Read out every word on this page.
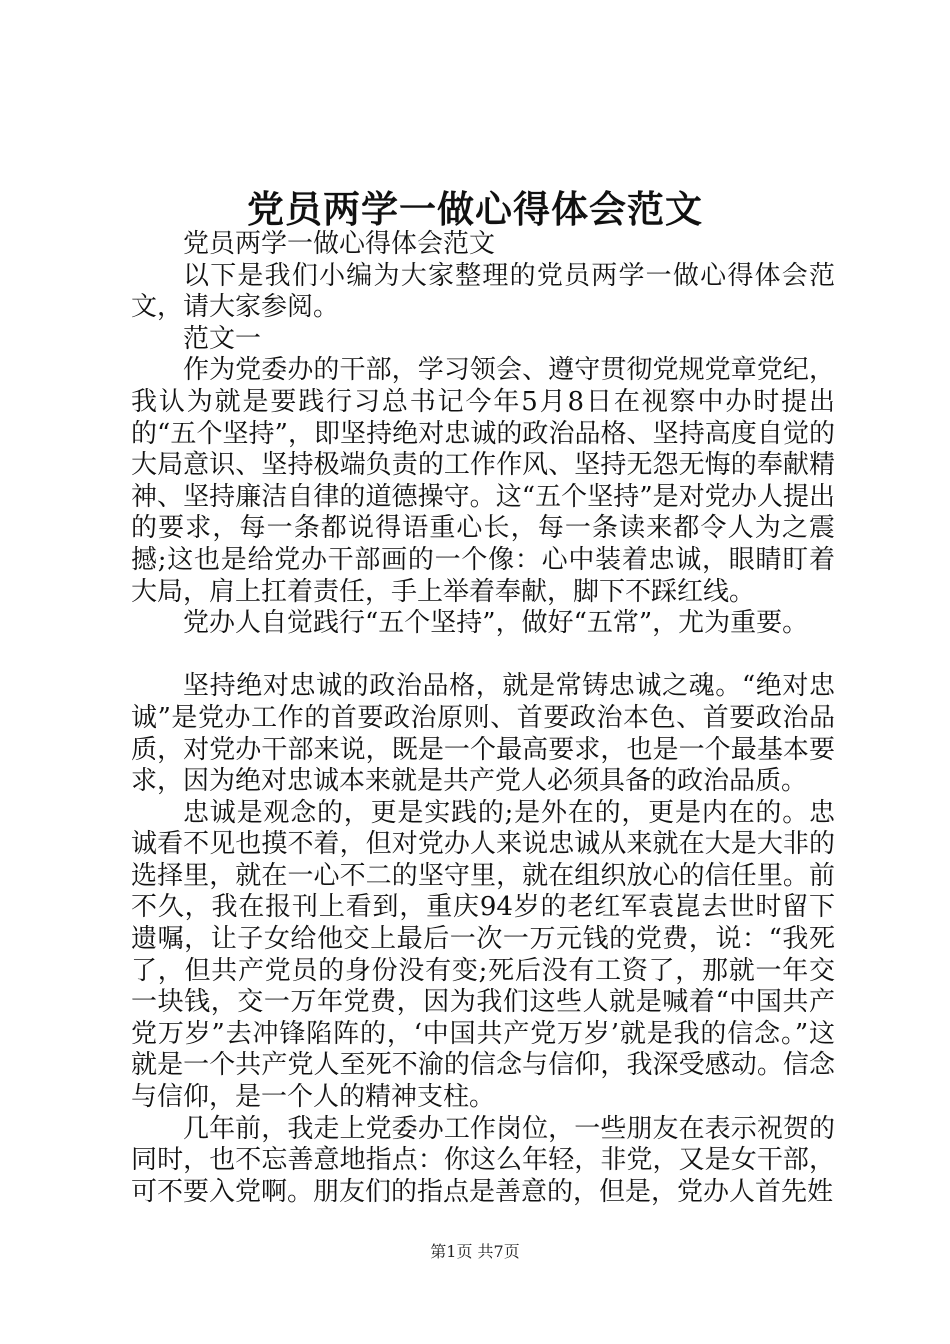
党员两学一做心得体会范文

党员两学一做心得体会范文

以下是我们小编为大家整理的党员两学一做心得体会范文，请大家参阅。

范文一

作为党委办的干部，学习领会、遵守贯彻党规党章党纪，我认为就是要践行习总书记今年5月8日在视察中办时提出的“五个坚持”，即坚持绝对忠诚的政治品格、坚持高度自觉的大局意识、坚持极端负责的工作作风、坚持无怨无悔的奉献精神、坚持廉洁自律的道德操守。这“五个坚持”是对党办人提出的要求，每一条都说得语重心长，每一条读来都令人为之震撼;这也是给党办干部画的一个像：心中装着忠诚，眼睛盯着大局，肩上扛着责任，手上举着奉献，脚下不踩红线。

党办人自觉践行“五个坚持”，做好“五常”，尤为重要。

坚持绝对忠诚的政治品格，就是常铸忠诚之魂。“绝对忠诚”是党办工作的首要政治原则、首要政治本色、首要政治品质，对党办干部来说，既是一个最高要求，也是一个最基本要求，因为绝对忠诚本来就是共产党人必须具备的政治品质。

忠诚是观念的，更是实践的;是外在的，更是内在的。忠诚看不见也摸不着，但对党办人来说忠诚从来就在大是大非的选择里，就在一心不二的坚守里，就在组织放心的信任里。前不久，我在报刊上看到，重庆94岁的老红军袁崑去世时留下遗嘱，让子女给他交上最后一次一万元钱的党费，说：“我死了，但共产党员的身份没有变;死后没有工资了，那就一年交一块钱，交一万年党费，因为我们这些人就是喊着“中国共产党万岁”去冲锋陷阵的，‘中国共产党万岁’就是我的信念。”这就是一个共产党人至死不渝的信念与信仰，我深受感动。信念与信仰，是一个人的精神支柱。

几年前，我走上党委办工作岗位，一些朋友在表示祝贺的同时，也不忘善意地指点：你这么年轻，非党，又是女干部，可不要入党啊。朋友们的指点是善意的，但是，党办人首先姓

第1页 共7页
